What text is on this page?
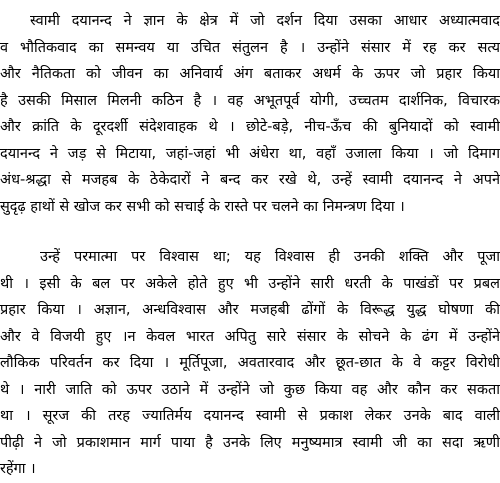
स्वामी दयानन्द ने ज्ञान के क्षेत्र में जो दर्शन दिया उसका आधार अध्यात्मवाद
व भौतिकवाद का समन्वय या उचित संतुलन है । उन्होंने संसार में रह कर सत्य
और नैतिकता को जीवन का अनिवार्य अंग बताकर अधर्म के ऊपर जो प्रहार किया
है उसकी मिसाल मिलनी कठिन है । वह अभूतपूर्व योगी, उच्चतम दार्शनिक, विचारक
और क्रांति के दूरदर्शी संदेशवाहक थे । छोटे-बड़े, नीच-ऊँच की बुनियादों को स्वामी
दयानन्द ने जड़ से मिटाया, जहां-जहां भी अंधेरा था, वहाँ उजाला किया । जो दिमाग
अंध-श्रद्धा से मजहब के ठेकेदारों ने बन्द कर रखे थे, उन्हें स्वामी दयानन्द ने अपने
सुदृढ़ हाथों से खोज कर सभी को सचाई के रास्ते पर चलने का निमन्त्रण दिया ।
उन्हें परमात्मा पर विश्वास था; यह विश्वास ही उनकी शक्ति और पूजा
थी । इसी के बल पर अकेले होते हुए भी उन्होंने सारी धरती के पाखंडों पर प्रबल
प्रहार किया । अज्ञान, अन्धविश्वास और मजहबी ढोंगों के विरूद्ध युद्ध घोषणा की
और वे विजयी हुए ।न केवल भारत अपितु सारे संसार के सोचने के ढंग में उन्होंने
लौकिक परिवर्तन कर दिया । मूर्तिपूजा, अवतारवाद और छूत-छात के वे कट्टर विरोधी
थे । नारी जाति को ऊपर उठाने में उन्होंने जो कुछ किया वह और कौन कर सकता
था । सूरज की तरह ज्यातिर्मय दयानन्द स्वामी से प्रकाश लेकर उनके बाद वाली
पीढ़ी ने जो प्रकाशमान मार्ग पाया है उनके लिए मनुष्यमात्र स्वामी जी का सदा ऋणी
रहेंगा ।
